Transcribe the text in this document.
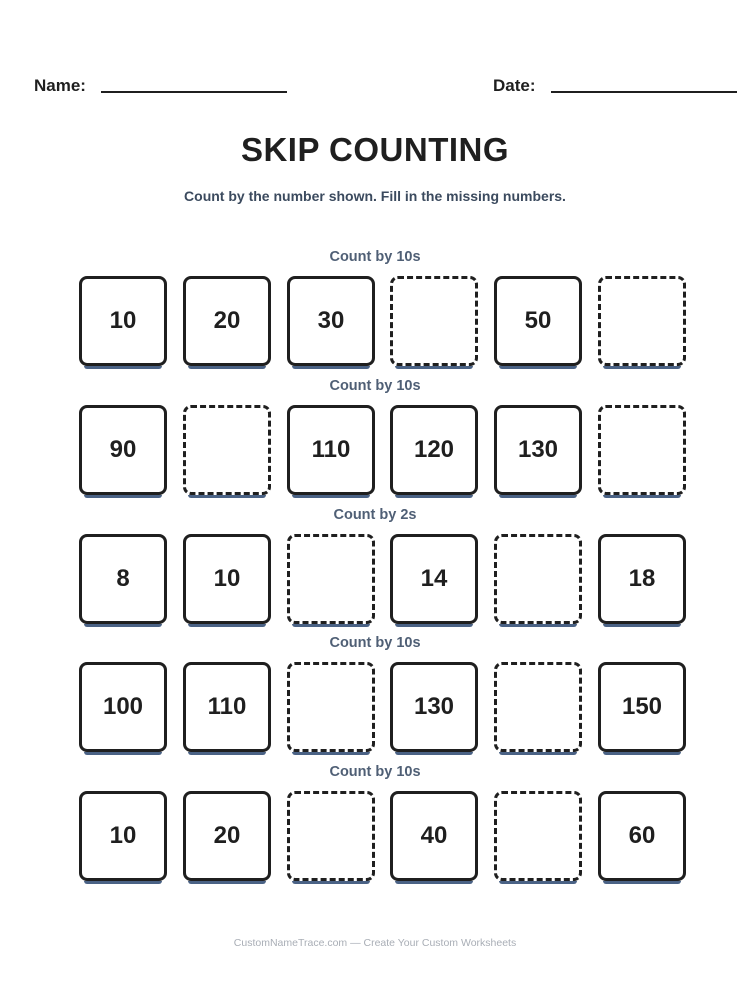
Name:	Date:
SKIP COUNTING
Count by the number shown. Fill in the missing numbers.
Count by 10s
10	20	30	50
Count by 10s
90	110	120	130
Count by 2s
8	10	14	18
Count by 10s
100	110	130	150
Count by 10s
10	20	40	60
CustomNameTrace.com — Create Your Custom Worksheets
